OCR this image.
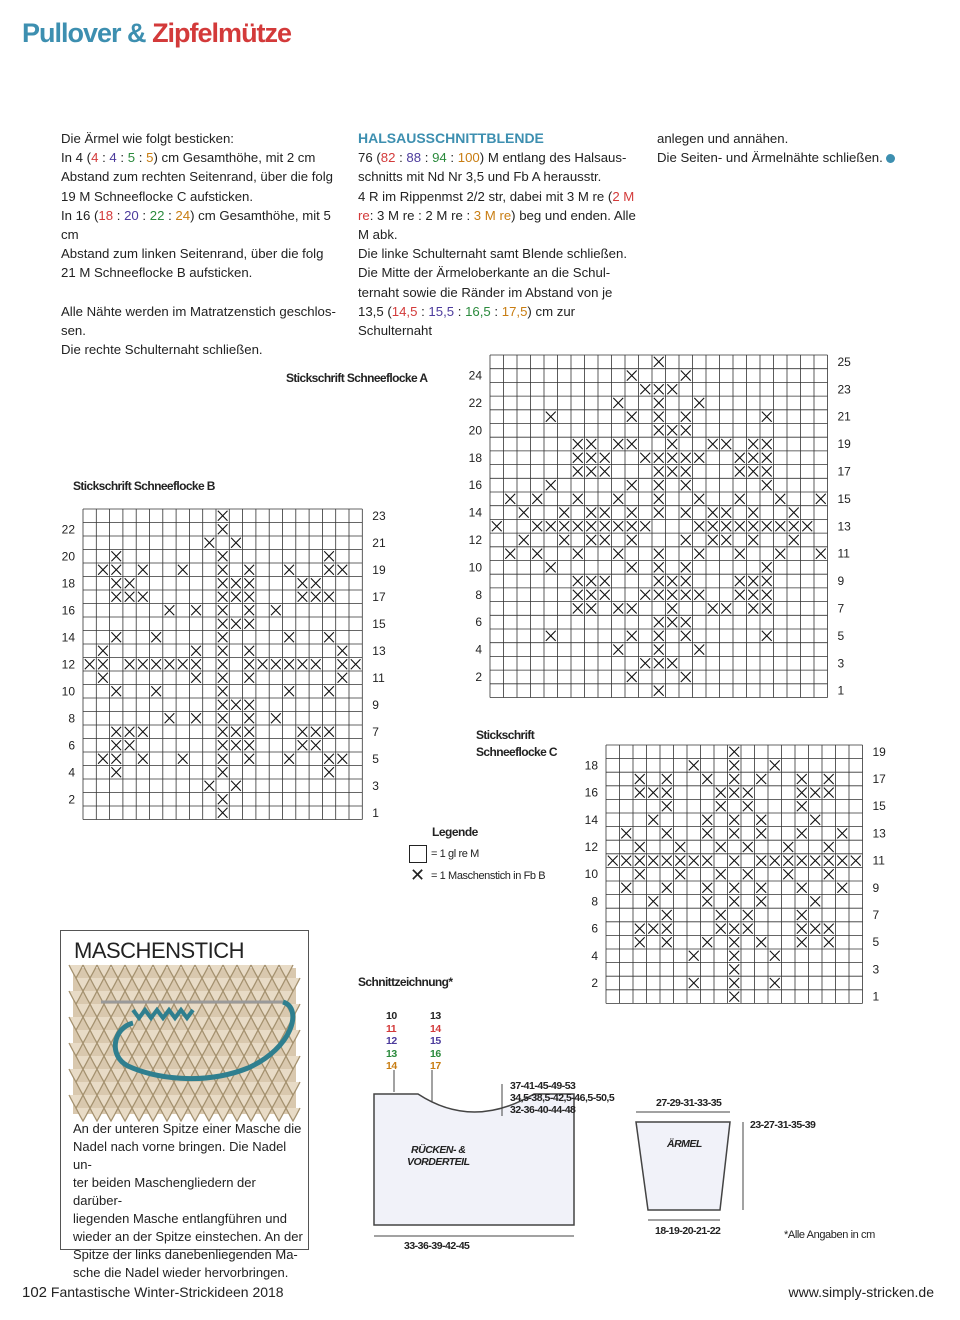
Pullover & Zipfelmütze

Die Ärmel wie folgt besticken:

In 4 (4 : 4 : 5 : 5) cm Gesamthöhe, mit 2 cm

Abstand zum rechten Seitenrand, über die folg

19 M Schneeflocke C aufsticken.

In 16 (18 : 20 : 22 : 24) cm Gesamthöhe, mit 5 cm

Abstand zum linken Seitenrand, über die folg

21 M Schneeflocke B aufsticken.

Alle Nähte werden im Matratzenstich geschlos-

sen.

Die rechte Schulternaht schließen.

HALSAUSSCHNITTBLENDE

76 (82 : 88 : 94 : 100) M entlang des Halsaus-

schnitts mit Nd Nr 3,5 und Fb A herausstr.

4 R im Rippenmst 2/2 str, dabei mit 3 M re (2 M

re: 3 M re : 2 M re : 3 M re) beg und enden. Alle

M abk.

Die linke Schulternaht samt Blende schließen.

Die Mitte der Ärmeloberkante an die Schul-

ternaht sowie die Ränder im Abstand von je

13,5 (14,5 : 15,5 : 16,5 : 17,5) cm zur Schulternaht

anlegen und annähen.

Die Seiten- und Ärmelnähte schließen.

Stickschrift Schneeflocke A
Stickschrift Schneeflocke B
Stickschrift Schneeflocke C
25
23
21
19
17
15
13
11
9
7
5
3
1
24
22
20
18
16
14
12
10
8
6
4
2
23
21
19
17
15
13
11
9
7
5
3
1
22
20
18
16
14
12
10
8
6
4
2
19
17
15
13
11
9
7
5
3
1
18
16
14
12
10
8
6
4
2
Legende
= 1 gl re M
✕ = 1 Maschenstich in Fb B
MASCHENSTICH
An der unteren Spitze einer Masche die
Nadel nach vorne bringen. Die Nadel un-
ter beiden Maschengliedern der darüber-
liegenden Masche entlangführen und
wieder an der Spitze einstechen. An der
Spitze der links danebenliegenden Ma-
sche die Nadel wieder hervorbringen.
Schnittzeichnung*
10
11
12
13
14
13
14
15
16
17
37-41-45-49-53
34,5-38,5-42,5-46,5-50,5
32-36-40-44-48
RÜCKEN- &
VORDERTEIL
33-36-39-42-45
27-29-31-33-35
ÄRMEL
23-27-31-35-39
18-19-20-21-22	*Alle Angaben in cm
102 Fantastische Winter-Strickideen 2018	www.simply-stricken.de
